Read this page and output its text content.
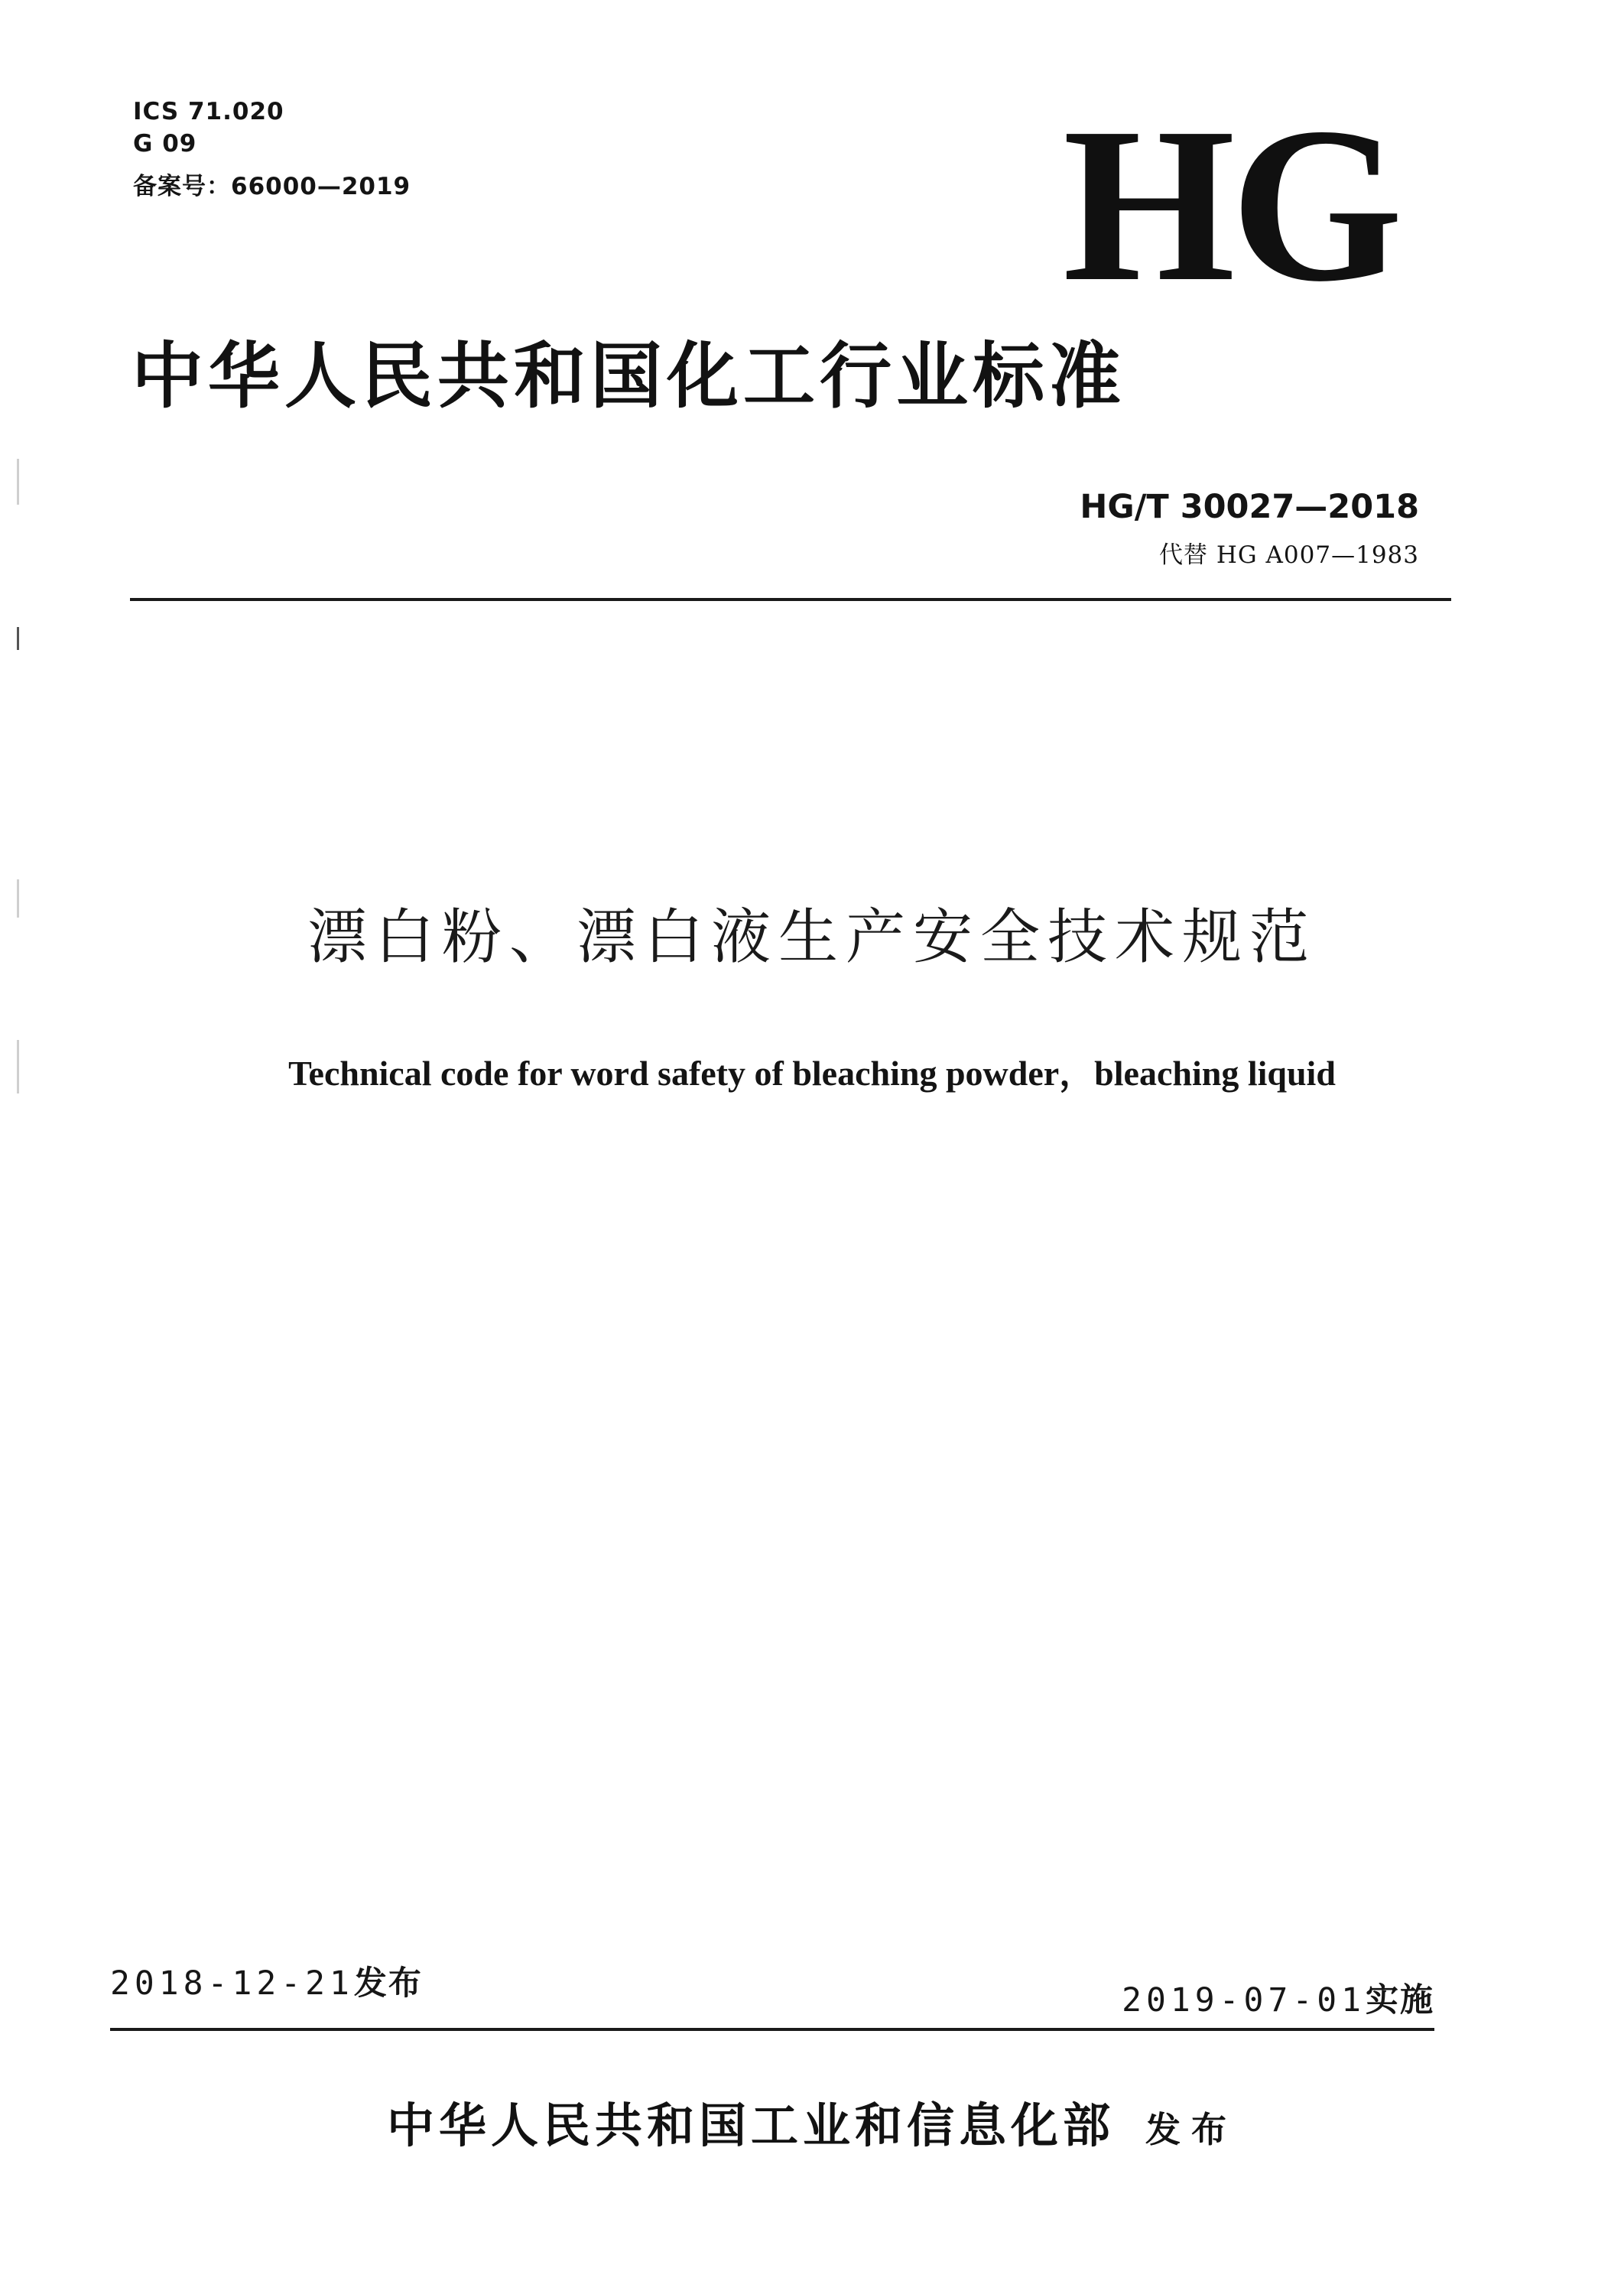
ICS 71.020
G 09
备案号：66000—2019	HG
中华人民共和国化工行业标准
HG/T 30027—2018
代替 HG A007—1983
漂白粉、漂白液生产安全技术规范
Technical code for word safety of bleaching powder，bleaching liquid
2018-12-21发布	2019-07-01实施
中华人民共和国工业和信息化部 发布
